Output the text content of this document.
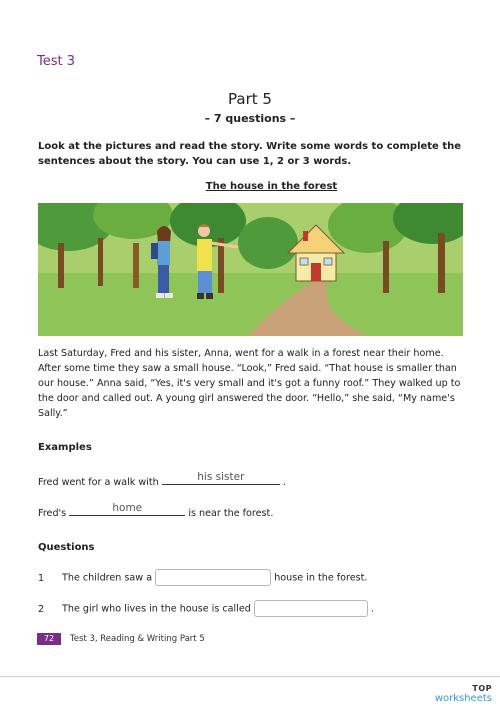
Test 3
Part 5
– 7 questions –
Look at the pictures and read the story. Write some words to complete the sentences about the story. You can use 1, 2 or 3 words.
The house in the forest
Last Saturday, Fred and his sister, Anna, went for a walk in a forest near their home. After some time they saw a small house. “Look,” Fred said. “That house is smaller than our house.” Anna said, “Yes, it's very small and it's got a funny roof.” They walked up to the door and called out. A young girl answered the door. “Hello,” she said, “My name's Sally.”
Examples
Fred went for a walk with	his sister	.
Fred's	home	is near the forest.
Questions
1 The children saw a	house in the forest.
2 The girl who lives in the house is called	.
72	Test 3, Reading & Writing Part 5
TOP
worksheets
